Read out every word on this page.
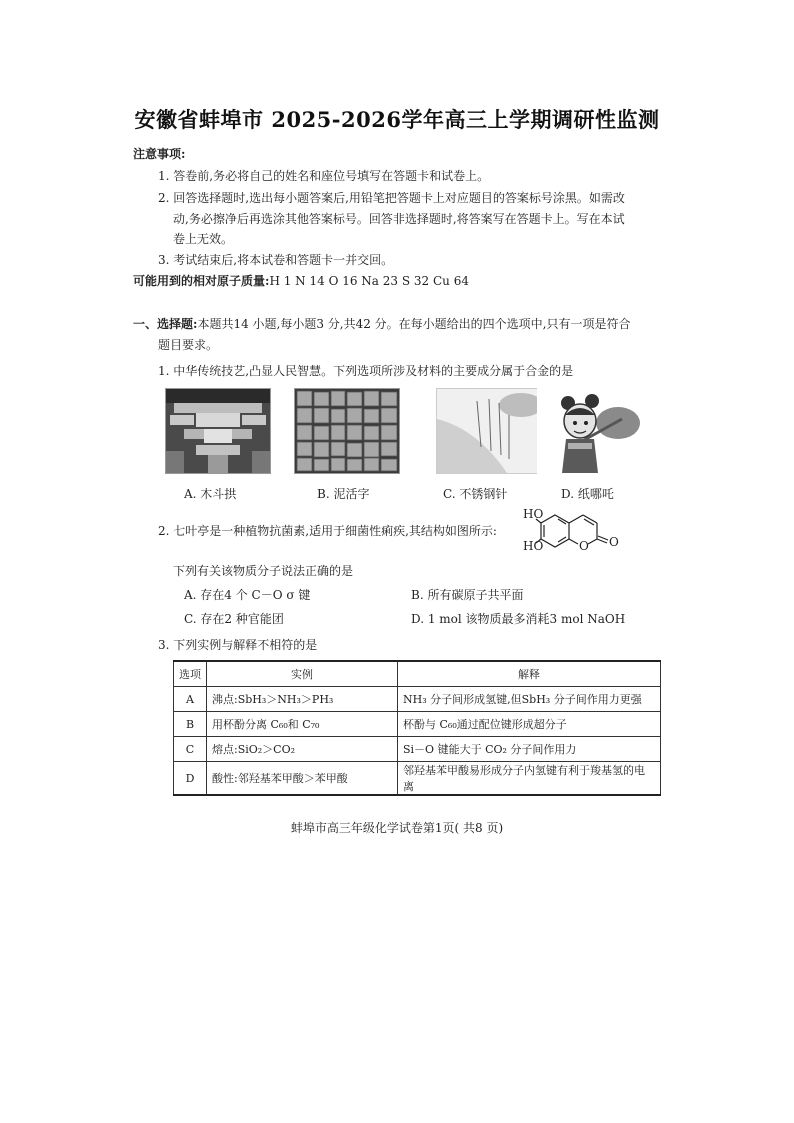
安徽省蚌埠市 2025-2026学年高三上学期调研性监测
注意事项:
1. 答卷前,务必将自己的姓名和座位号填写在答题卡和试卷上。
2. 回答选择题时,选出每小题答案后,用铅笔把答题卡上对应题目的答案标号涂黑。如需改
动,务必擦净后再选涂其他答案标号。回答非选择题时,将答案写在答题卡上。写在本试
卷上无效。
3. 考试结束后,将本试卷和答题卡一并交回。
可能用到的相对原子质量:H 1 N 14 O 16 Na 23 S 32 Cu 64
一、选择题:本题共14 小题,每小题3 分,共42 分。在每小题给出的四个选项中,只有一项是符合
题目要求。
1. 中华传统技艺,凸显人民智慧。下列选项所涉及材料的主要成分属于合金的是
A. 木斗拱	B. 泥活字	C. 不锈钢针	D. 纸哪吒
2. 七叶亭是一种植物抗菌素,适用于细菌性痢疾,其结构如图所示:
HO
HO	O O
下列有关该物质分子说法正确的是
A. 存在4 个 C－O σ 键	B. 所有碳原子共平面
C. 存在2 种官能团	D. 1 mol 该物质最多消耗3 mol NaOH
3. 下列实例与解释不相符的是
选项	实例	解释
A	沸点:SbH₃＞NH₃＞PH₃	NH₃ 分子间形成氢键,但SbH₃ 分子间作用力更强
B	用杯酚分离 C₆₀和 C₇₀	杯酚与 C₆₀通过配位键形成超分子
C	熔点:SiO₂＞CO₂	Si－O 键能大于 CO₂ 分子间作用力
D	酸性:邻羟基苯甲酸＞苯甲酸	邻羟基苯甲酸易形成分子内氢键有利于羧基氢的电离
蚌埠市高三年级化学试卷第1页( 共8 页)
